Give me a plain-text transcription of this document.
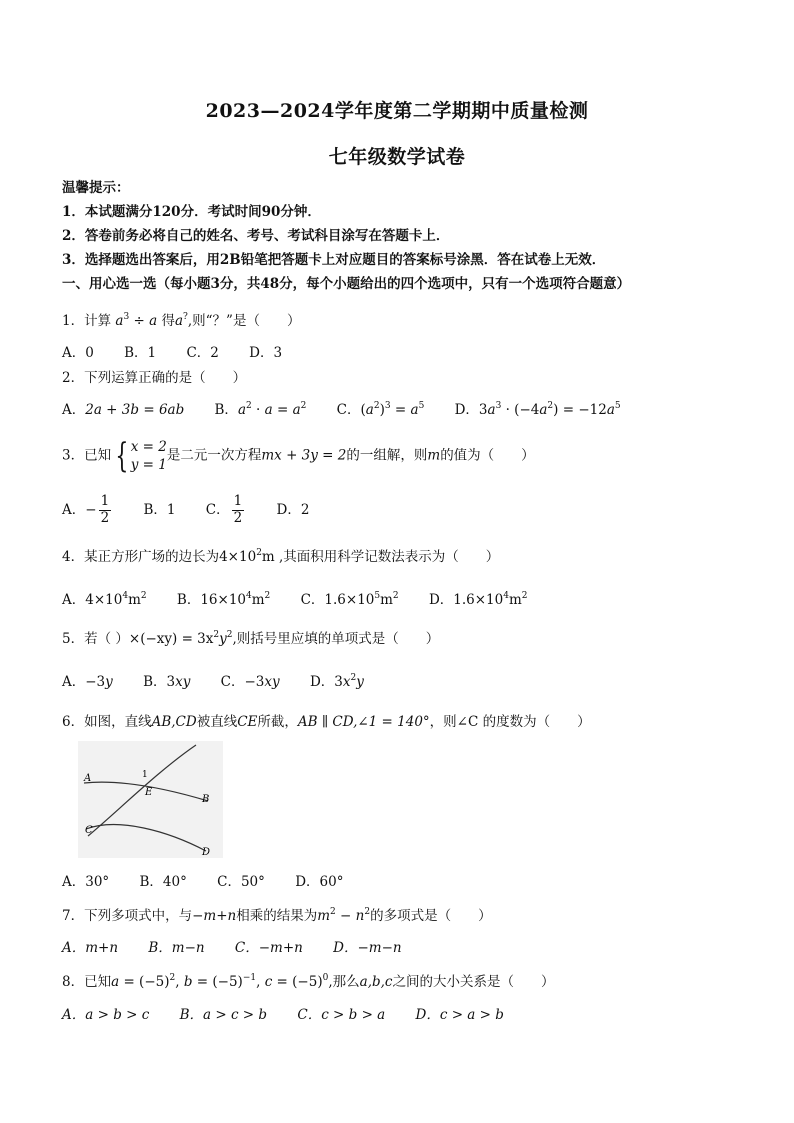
2023—2024学年度第二学期期中质量检测
七年级数学试卷
温馨提示：
1．本试题满分120分．考试时间90分钟．
2．答卷前务必将自己的姓名、考号、考试科目涂写在答题卡上．
3．选择题选出答案后，用2B铅笔把答题卡上对应题目的答案标号涂黑．答在试卷上无效．
一、用心选一选（每小题3分，共48分，每个小题给出的四个选项中，只有一个选项符合题意）
1．计算 $a^3 \div a$ 得a?,则“？”是（　　）
A．0 B．1 C．2 D．3
2．下列运算正确的是（　　）
A．2a + 3b = 6ab B．$a^2 \cdot a = a^2$ C．$(a^2)^3 = a^5$ D．$3a^3 \cdot (-4a^2) = -12a^5$
3．已知 { x = 2
y = 1
是二元一次方程mx + 3y = 2的一组解，则m的值为（　　）
A．− $\frac{1}{2}$ B．1 C． $\frac{1}{2}$ D．2
4．某正方形广场的边长为$4\times 10^2m$ ,其面积用科学记数法表示为（　　）
A．$4\times 10^4m^2$ B．$16\times 10^4m^2$ C．$1.6\times 10^5m^2$ D．$1.6\times 10^4m^2$
5．若（ ）$\times(-xy) = 3x^2y^2$,则括号里应填的单项式是（　　）
A．−3y B．3xy C．−3xy D．$3x^2y$
6．如图，直线AB,CD被直线CE所截，AB ∥ CD,∠1 = 140°，则∠C 的度数为（　　）
A	1
E
B
C
D
A．30° B．40° C．50° D．60°
7．下列多项式中，与−m+n相乘的结果为$m^2 - n^2$的多项式是（　　）
A．m+n B．m−n C．−m+n D．−m−n
8．已知$a = (-5)^2$, $b = (-5)^{-1}$, $c = (-5)^0$,那么a,b,c之间的大小关系是（　　）
A．a > b > c B．a > c > b C．c > b > a D．c > a > b
